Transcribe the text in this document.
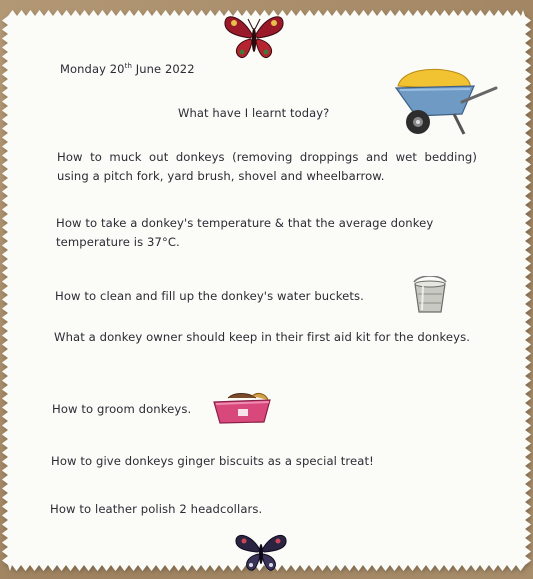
Monday 20th June 2022
What have I learnt today?
How to muck out donkeys (removing droppings and wet bedding) using a pitch fork, yard brush, shovel and wheelbarrow.
How to take a donkey's temperature & that the average donkey temperature is 37°C.
How to clean and fill up the donkey's water buckets.
What a donkey owner should keep in their first aid kit for the donkeys.
How to groom donkeys.
How to give donkeys ginger biscuits as a special treat!
How to leather polish 2 headcollars.
